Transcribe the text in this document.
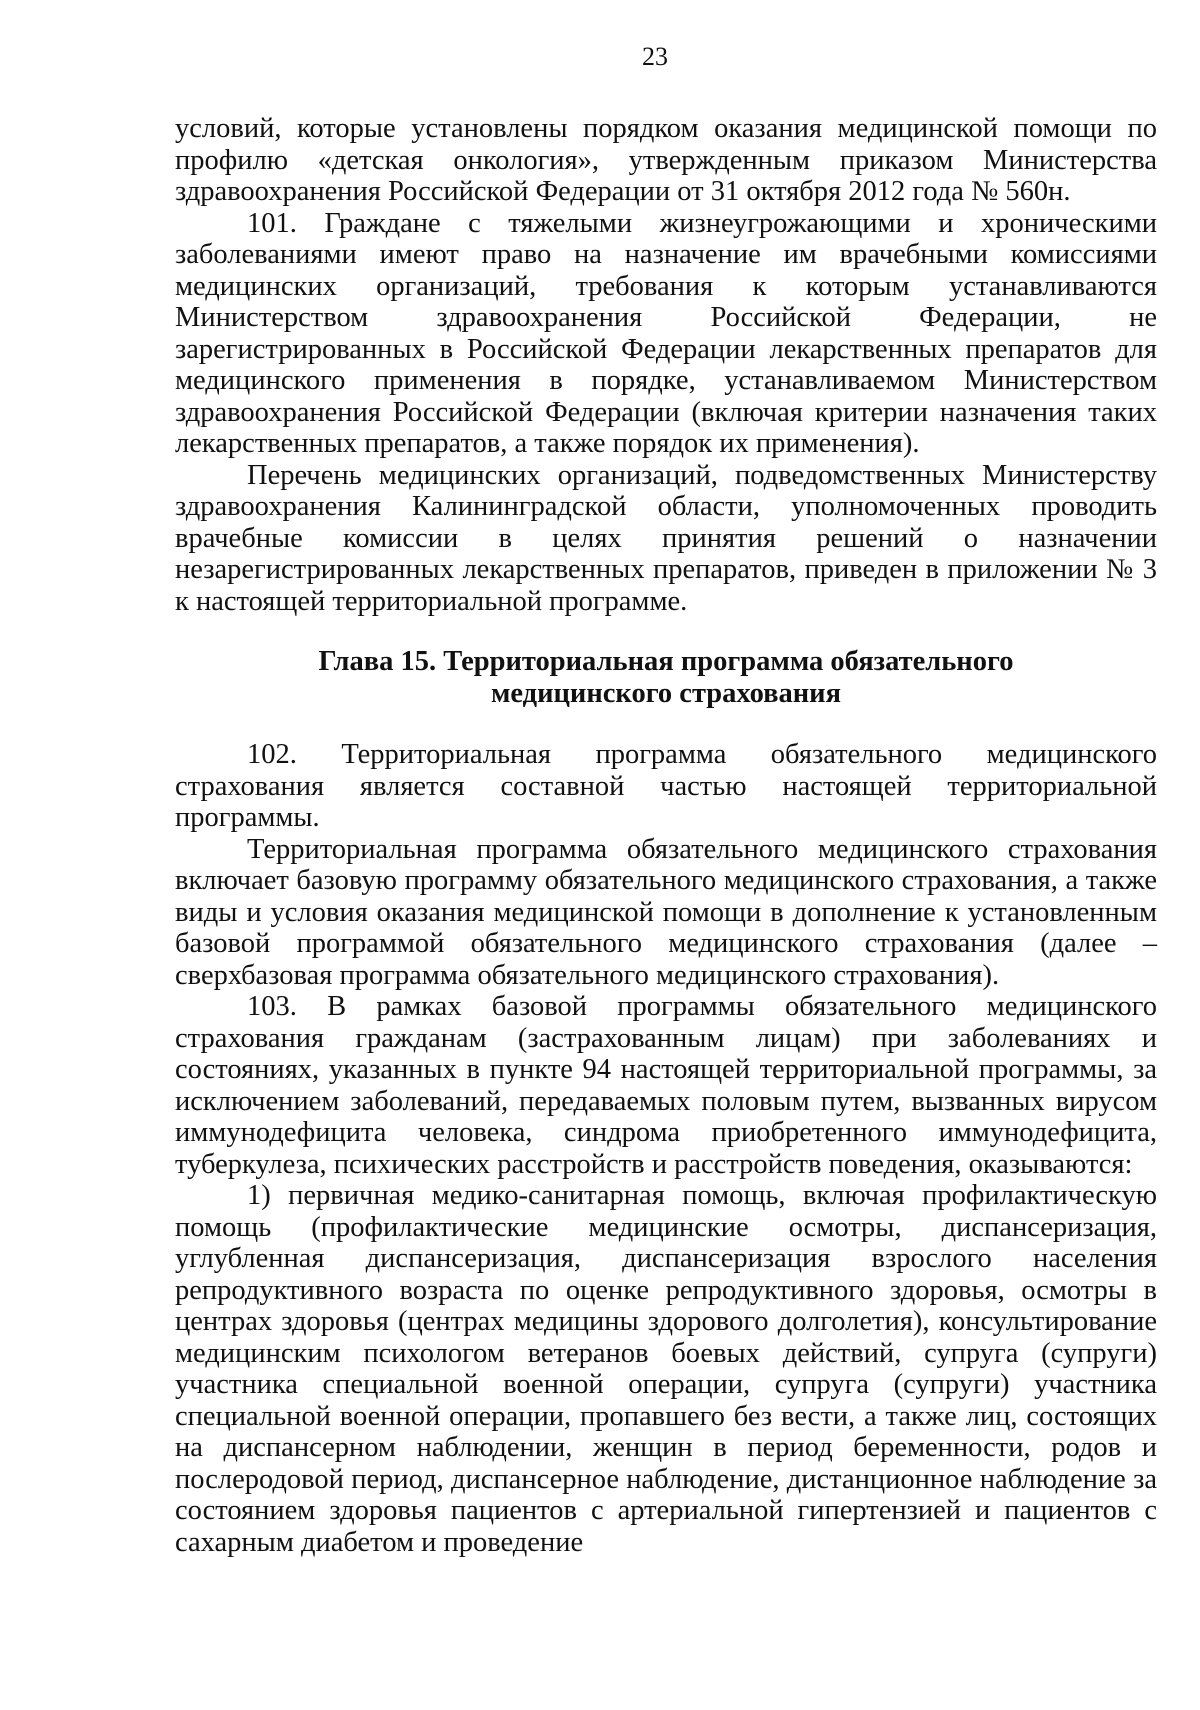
23

условий, которые установлены порядком оказания медицинской помощи по профилю «детская онкология», утвержденным приказом Министерства здравоохранения Российской Федерации от 31 октября 2012 года № 560н.

101. Граждане с тяжелыми жизнеугрожающими и хроническими заболеваниями имеют право на назначение им врачебными комиссиями медицинских организаций, требования к которым устанавливаются Министерством здравоохранения Российской Федерации, не зарегистрированных в Российской Федерации лекарственных препаратов для медицинского применения в порядке, устанавливаемом Министерством здравоохранения Российской Федерации (включая критерии назначения таких лекарственных препаратов, а также порядок их применения).

Перечень медицинских организаций, подведомственных Министерству здравоохранения Калининградской области, уполномоченных проводить врачебные комиссии в целях принятия решений о назначении незарегистрированных лекарственных препаратов, приведен в приложении № 3 к настоящей территориальной программе.

Глава 15. Территориальная программа обязательного
медицинского страхования

102. Территориальная программа обязательного медицинского страхования является составной частью настоящей территориальной программы.

Территориальная программа обязательного медицинского страхования включает базовую программу обязательного медицинского страхования, а также виды и условия оказания медицинской помощи в дополнение к установленным базовой программой обязательного медицинского страхования (далее – сверхбазовая программа обязательного медицинского страхования).

103. В рамках базовой программы обязательного медицинского страхования гражданам (застрахованным лицам) при заболеваниях и состояниях, указанных в пункте 94 настоящей территориальной программы, за исключением заболеваний, передаваемых половым путем, вызванных вирусом иммунодефицита человека, синдрома приобретенного иммунодефицита, туберкулеза, психических расстройств и расстройств поведения, оказываются:

1) первичная медико-санитарная помощь, включая профилактическую помощь (профилактические медицинские осмотры, диспансеризация, углубленная диспансеризация, диспансеризация взрослого населения репродуктивного возраста по оценке репродуктивного здоровья, осмотры в центрах здоровья (центрах медицины здорового долголетия), консультирование медицинским психологом ветеранов боевых действий, супруга (супруги) участника специальной военной операции, супруга (супруги) участника специальной военной операции, пропавшего без вести, а также лиц, состоящих на диспансерном наблюдении, женщин в период беременности, родов и послеродовой период, диспансерное наблюдение, дистанционное наблюдение за состоянием здоровья пациентов с артериальной гипертензией и пациентов с сахарным диабетом и проведение
